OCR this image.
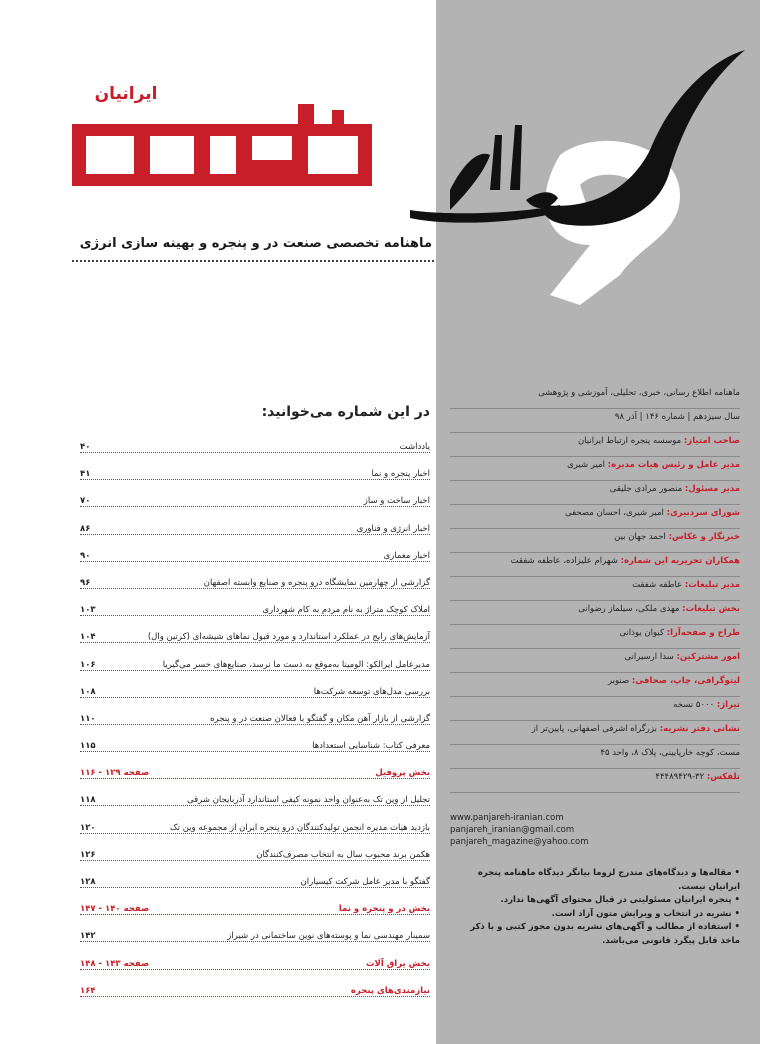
ایرانیان
ماهنامه تخصصی صنعت در و پنجره و بهینه سازی انرژی
در این شماره می‌خوانید:
یادداشت
۴۰
اخبار پنجره و نما
۴۱
اخبار ساخت و ساز
۷۰
اخبار انرژی و فناوری
۸۶
اخبار معماری
۹۰
گزارشی از چهارمین نمایشگاه درو پنجره و صنایع وابسته اصفهان
۹۶
املاک کوچک متراژ به نام مردم به کام شهرداری
۱۰۳
آزمایش‌های رایج در عملکرد استاندارد و مورد قبول نماهای شیشه‌ای (کرتین وال)
۱۰۴
مدیرعامل ایرالکو: الومینا به‌موقع به دست ما نرسد، صنایع‌های خسر می‌گیریا
۱۰۶
بررسی مدل‌های توسعه شرکت‌ها
۱۰۸
گزارشی از بازار آهن مکان و گفتگو با فعالان صنعت در و پنجره
۱۱۰
معرفی کتاب: شناسایی استعدادها
۱۱۵
بخش پروفیل
صفحه ۱۲۹ - ۱۱۶
تجلیل از وین تک به‌عنوان واحد نمونه کیفی استاندارد آذربایجان شرقی
۱۱۸
بازدید هیات مدیره انجمن تولیدکنندگان درو پنجره ایران از مجموعه وین تک
۱۲۰
هکمن برند محبوب سال به انتخاب مصرف‌کنندگان
۱۲۶
گفتگو با مدیر عامل شرکت کیسیاران
۱۲۸
بخش در و پنجره و نما
صفحه ۱۴۰ - ۱۴۷
سمینار مهندسی نما و پوسته‌های نوین ساختمانی در شیراز
۱۴۲
بخش یراق آلات
صفحه ۱۴۳ - ۱۴۸
نیازمندی‌های پنجره
۱۶۴
ماهنامه اطلاع رسانی، خبری، تحلیلی، آموزشی و پژوهشی
سال سیزدهم | شماره ۱۴۶ | آذر ۹۸
صاحب امتیاز: موسسه پنجره ارتباط ایرانیان
مدیر عامل و رئیس هیات مدیره: امیر شیری
مدیر مسئول: منصور مرادی جلیقی
شورای سردبیری: امیر شیری، احسان مصحفی
خبرنگار و عکاس: احمد جهان بین
همکاران تحریریه این شماره: شهرام علیزاده، عاطفه شفقت
مدیر تبلیغات: عاطفه شفقت
بخش تبلیغات: مهدی ملکی، سیلماز رضوانی
طراح و صفحه‌آرا: کیوان یوذانی
امور مشترکین: سدا ارسیرانی
لیتوگرافی، چاپ، صحافی: صنوبر
تیراژ: ۵۰۰۰ نسخه
نشانی دفتر نشریه: بزرگراه اشرفی اصفهانی، پایین‌تر از
مست، کوچه خارپایینی، پلاک ۸، واحد ۴۵
تلفکس: ۴۴۴۸۹۴۲۹-۳۲
www.panjareh-iranian.com
panjareh_iranian@gmail.com
panjareh_magazine@yahoo.com

• مقاله‌ها و دیدگاه‌های مندرج لزوما بیانگر دیدگاه ماهنامه پنجره ایرانیان نیست.

• پنجره ایرانیان مسئولیتی در قبال محتوای آگهی‌ها ندارد.

• نشریه در انتخاب و ویرایش متون آزاد است.

• استفاده از مطالب و آگهی‌های نشریه بدون مجوز کتبی و با ذکر ماخذ قابل پیگرد قانونی می‌باشد.
